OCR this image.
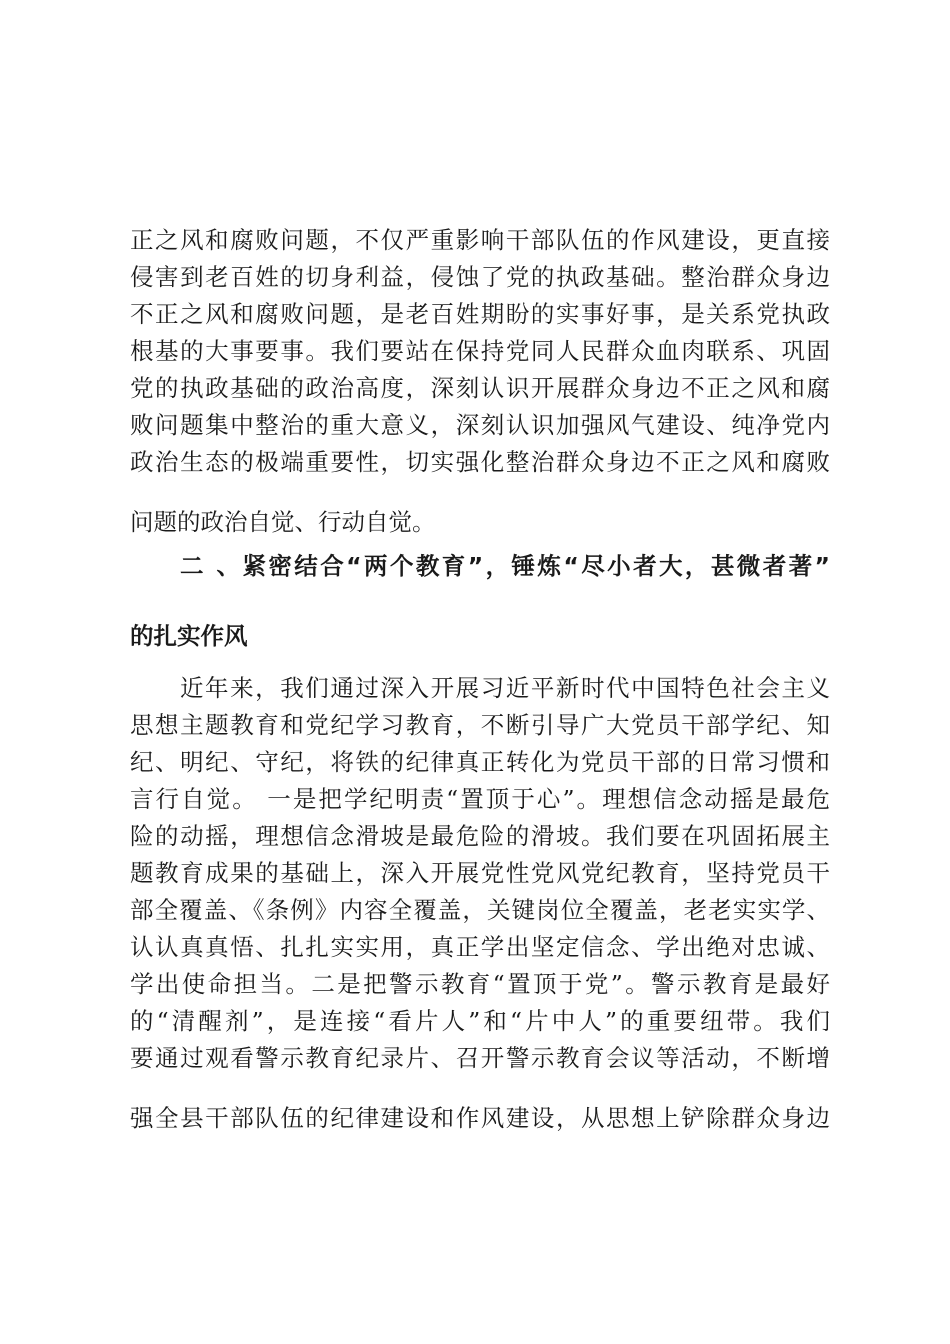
正之风和腐败问题，不仅严重影响干部队伍的作风建设，更直接
侵害到老百姓的切身利益，侵蚀了党的执政基础。整治群众身边
不正之风和腐败问题，是老百姓期盼的实事好事，是关系党执政
根基的大事要事。我们要站在保持党同人民群众血肉联系、巩固
党的执政基础的政治高度，深刻认识开展群众身边不正之风和腐
败问题集中整治的重大意义，深刻认识加强风气建设、纯净党内
政治生态的极端重要性，切实强化整治群众身边不正之风和腐败
问题的政治自觉、行动自觉。
二 、紧密结合“两个教育”，锤炼“尽小者大，甚微者著”
的扎实作风
近年来，我们通过深入开展习近平新时代中国特色社会主义
思想主题教育和党纪学习教育，不断引导广大党员干部学纪、知
纪、明纪、守纪，将铁的纪律真正转化为党员干部的日常习惯和
言行自觉。 一是把学纪明责“置顶于心”。理想信念动摇是最危
险的动摇，理想信念滑坡是最危险的滑坡。我们要在巩固拓展主
题教育成果的基础上，深入开展党性党风党纪教育，坚持党员干
部全覆盖、《条例》内容全覆盖，关键岗位全覆盖，老老实实学、
认认真真悟、扎扎实实用，真正学出坚定信念、学出绝对忠诚、
学出使命担当。二是把警示教育“置顶于党”。警示教育是最好
的“清醒剂”，是连接“看片人”和“片中人”的重要纽带。我们
要通过观看警示教育纪录片、召开警示教育会议等活动，不断增
强全县干部队伍的纪律建设和作风建设，从思想上铲除群众身边
